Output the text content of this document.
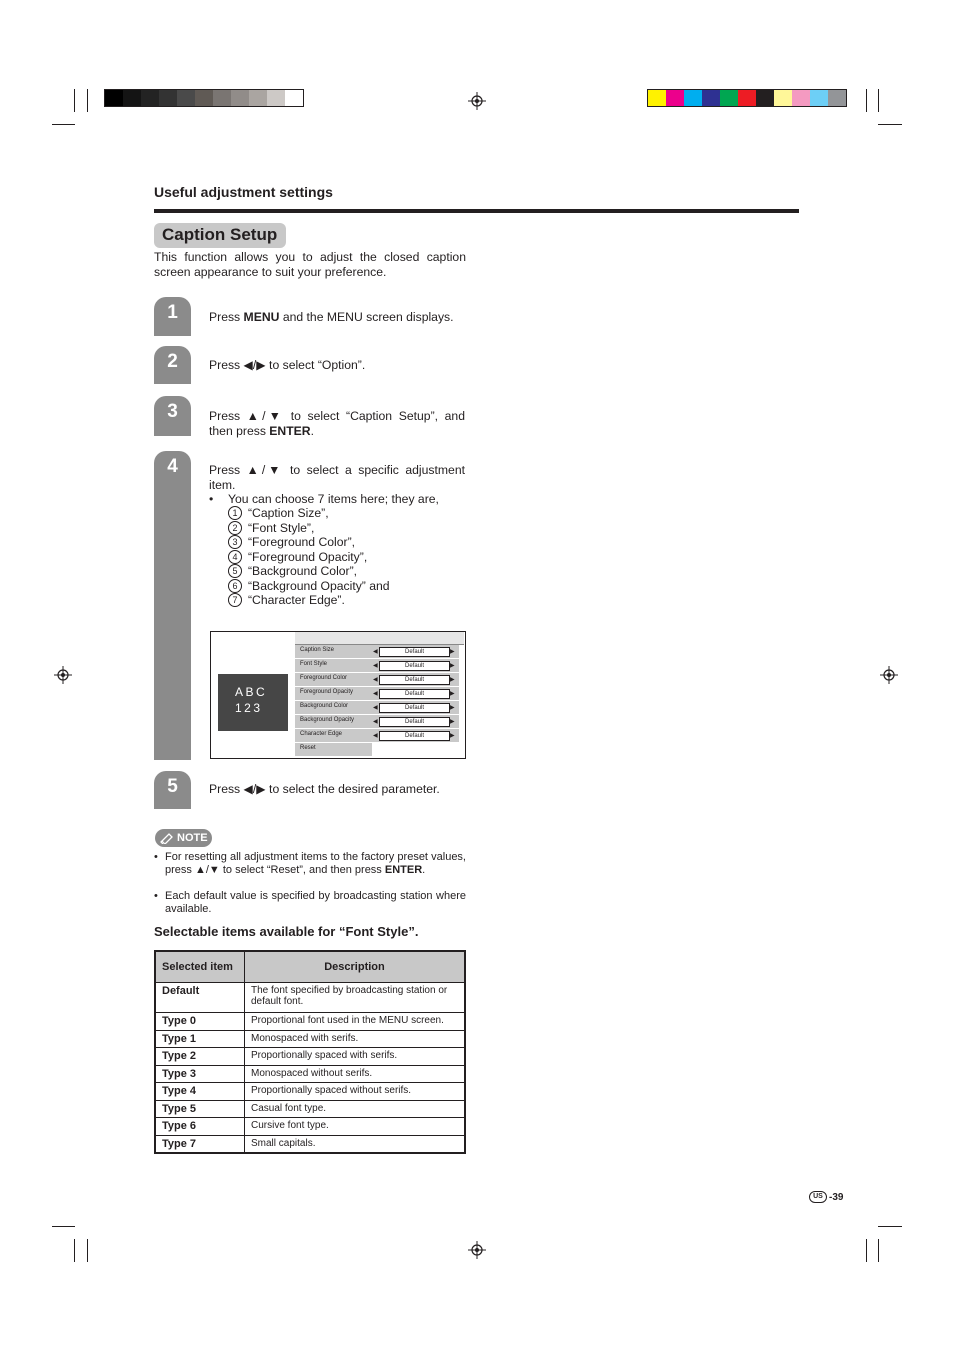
Useful adjustment settings
Caption Setup
This function allows you to adjust the closed caption screen appearance to suit your preference.
1	Press MENU and the MENU screen displays.
2	Press ◀/▶ to select “Option”.
3	Press ▲/▼ to select “Caption Setup”, and
then press ENTER.
4	Press ▲/▼ to select a specific adjustment
item.
• You can choose 7 items here; they are,
1 “Caption Size”,
2 “Font Style”,
3 “Foreground Color”,
4 “Foreground Opacity”,
5 “Background Color”,
6 “Background Opacity” and
7 “Character Edge”.
ABC
123
Caption Size	◀	Default	▶
Font Style	◀	Default	▶
Foreground Color	◀	Default	▶
Foreground Opacity	◀	Default	▶
Background Color	◀	Default	▶
Background Opacity	◀	Default	▶
Character Edge	◀	Default	▶
Reset
5	Press ◀/▶ to select the desired parameter.
NOTE
• For resetting all adjustment items to the factory preset values, press ▲/▼ to select “Reset”, and then press ENTER.
• Each default value is specified by broadcasting station where available.
Selectable items available for “Font Style”.
Selected item	Description
Default	The font specified by broadcasting station or default font.
Type 0	Proportional font used in the MENU screen.
Type 1	Monospaced with serifs.
Type 2	Proportionally spaced with serifs.
Type 3	Monospaced without serifs.
Type 4	Proportionally spaced without serifs.
Type 5	Casual font type.
Type 6	Cursive font type.
Type 7	Small capitals.
US -39
